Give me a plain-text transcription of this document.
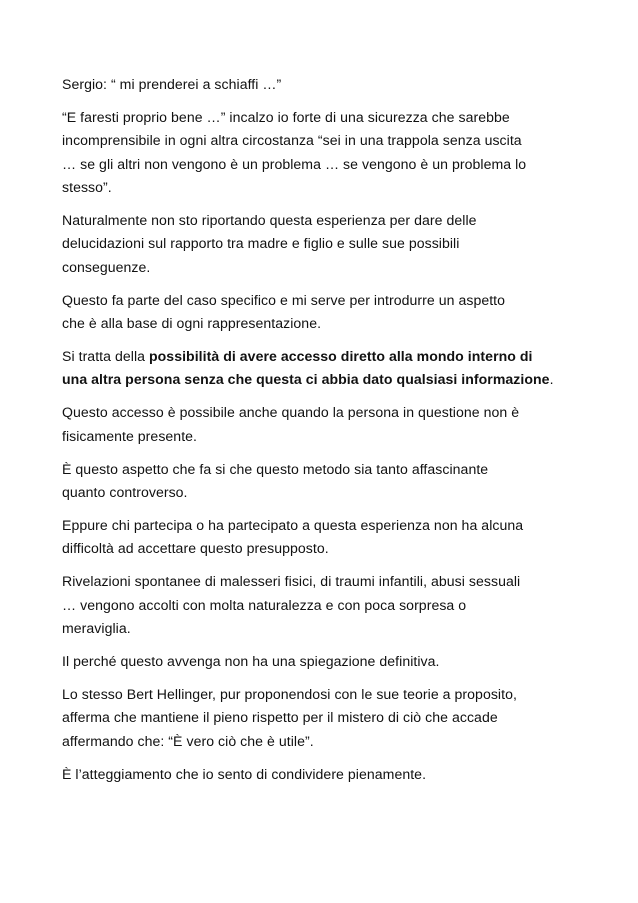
Sergio: “ mi prenderei a schiaffi …”

“E faresti proprio bene …” incalzo io forte di una sicurezza che sarebbe
incomprensibile in ogni altra circostanza “sei in una trappola senza uscita
… se gli altri non vengono è un problema … se vengono è un problema lo
stesso”.

Naturalmente non sto riportando questa esperienza per dare delle
delucidazioni sul rapporto tra madre e figlio e sulle sue possibili
conseguenze.

Questo fa parte del caso specifico e mi serve per introdurre un aspetto
che è alla base di ogni rappresentazione.

Si tratta della possibilità di avere accesso diretto alla mondo interno di
una altra persona senza che questa ci abbia dato qualsiasi informazione.

Questo accesso è possibile anche quando la persona in questione non è
fisicamente presente.

È questo aspetto che fa si che questo metodo sia tanto affascinante
quanto controverso.

Eppure chi partecipa o ha partecipato a questa esperienza non ha alcuna
difficoltà ad accettare questo presupposto.

Rivelazioni spontanee di malesseri fisici, di traumi infantili, abusi sessuali
… vengono accolti con molta naturalezza e con poca sorpresa o
meraviglia.

Il perché questo avvenga non ha una spiegazione definitiva.

Lo stesso Bert Hellinger, pur proponendosi con le sue teorie a proposito,
afferma che mantiene il pieno rispetto per il mistero di ciò che accade
affermando che: “È vero ciò che è utile”.

È l’atteggiamento che io sento di condividere pienamente.
